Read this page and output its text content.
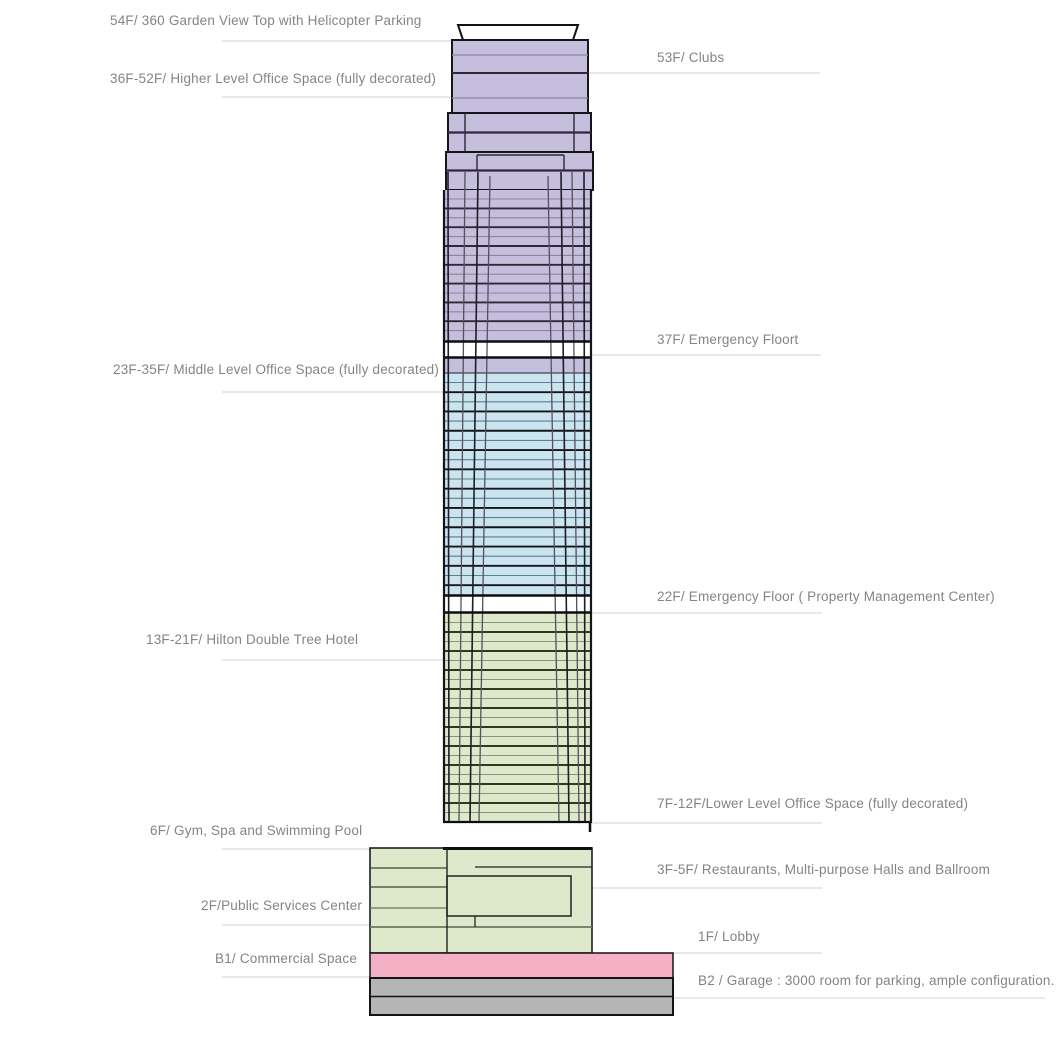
54F/ 360 Garden View Top with Helicopter Parking
36F-52F/ Higher Level Office Space (fully decorated)
23F-35F/ Middle Level Office Space (fully decorated)
13F-21F/ Hilton Double Tree Hotel
6F/ Gym, Spa and Swimming Pool
2F/Public Services Center
B1/ Commercial Space
53F/ Clubs
37F/ Emergency Floort
22F/ Emergency Floor ( Property Management Center)
7F-12F/Lower Level Office Space (fully decorated)
3F-5F/ Restaurants, Multi-purpose Halls and Ballroom
1F/ Lobby
B2 / Garage : 3000 room for parking, ample configuration.
